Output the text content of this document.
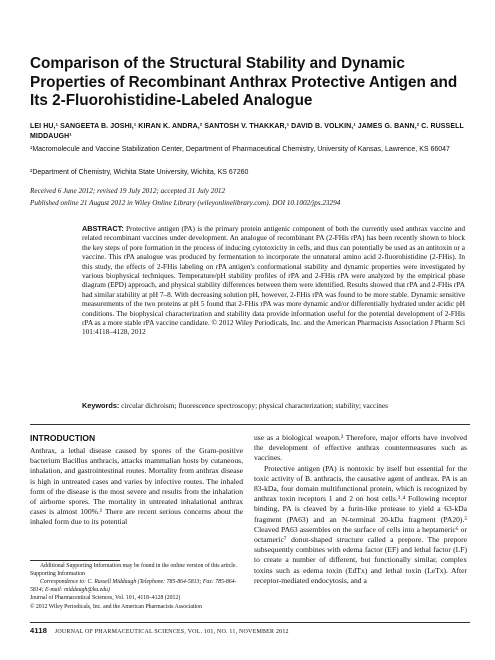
Comparison of the Structural Stability and Dynamic Properties of Recombinant Anthrax Protective Antigen and Its 2-Fluorohistidine-Labeled Analogue
LEI HU,¹ SANGEETA B. JOSHI,¹ KIRAN K. ANDRA,² SANTOSH V. THAKKAR,¹ DAVID B. VOLKIN,¹ JAMES G. BANN,² C. RUSSELL MIDDAUGH¹
¹Macromolecule and Vaccine Stabilization Center, Department of Pharmaceutical Chemistry, University of Kansas, Lawrence, KS 66047
²Department of Chemistry, Wichita State University, Wichita, KS 67260
Received 6 June 2012; revised 19 July 2012; accepted 31 July 2012
Published online 21 August 2012 in Wiley Online Library (wileyonlinelibrary.com). DOI 10.1002/jps.23294
ABSTRACT: Protective antigen (PA) is the primary protein antigenic component of both the currently used anthrax vaccine and related recombinant vaccines under development. An analogue of recombinant PA (2-FHis rPA) has been recently shown to block the key steps of pore formation in the process of inducing cytotoxicity in cells, and thus can potentially be used as an antitoxin or a vaccine. This rPA analogue was produced by fermentation to incorporate the unnatural amino acid 2-fluorohistidine (2-FHis). In this study, the effects of 2-FHis labeling on rPA antigen's conformational stability and dynamic properties were investigated by various biophysical techniques. Temperature/pH stability profiles of rPA and 2-FHis rPA were analyzed by the empirical phase diagram (EPD) approach, and physical stability differences between them were identified. Results showed that rPA and 2-FHis rPA had similar stability at pH 7–8. With decreasing solution pH, however, 2-FHis rPA was found to be more stable. Dynamic sensitive measurements of the two proteins at pH 5 found that 2-FHis rPA was more dynamic and/or differentially hydrated under acidic pH conditions. The biophysical characterization and stability data provide information useful for the potential development of 2-FHis rPA as a more stable rPA vaccine candidate. © 2012 Wiley Periodicals, Inc. and the American Pharmacists Association J Pharm Sci 101:4118–4128, 2012
Keywords: circular dichroism; fluorescence spectroscopy; physical characterization; stability; vaccines
INTRODUCTION

Anthrax, a lethal disease caused by spores of the Gram-positive bacterium Bacillus anthracis, attacks mammalian hosts by cutaneous, inhalation, and gastrointestinal routes. Mortality from anthrax disease is high in untreated cases and varies by infective routes. The inhaled form of the disease is the most severe and results from the inhalation of airborne spores. The mortality in untreated inhalational anthrax cases is almost 100%.¹ There are recent serious concerns about the inhaled form due to its potential

use as a biological weapon.² Therefore, major efforts have involved the development of effective anthrax countermeasures such as vaccines.

Protective antigen (PA) is nontoxic by itself but essential for the toxic activity of B. anthracis, the causative agent of anthrax. PA is an 83-kDa, four domain multifunctional protein, which is recognized by anthrax toxin receptors 1 and 2 on host cells.³˒⁴ Following receptor binding, PA is cleaved by a furin-like protease to yield a 63-kDa fragment (PA63) and an N-terminal 20-kDa fragment (PA20).⁵ Cleaved PA63 assembles on the surface of cells into a heptameric⁶ or octameric⁷ donut-shaped structure called a prepore. The prepore subsequently combines with edema factor (EF) and lethal factor (LF) to create a number of different, but functionally similar, complex toxins such as edema toxin (EdTx) and lethal toxin (LeTx). After receptor-mediated endocytosis, and a

Additional Supporting Information may be found in the online version of this article. Supporting Information

Correspondence to: C. Russell Middaugh (Telephone: 785-864-5813; Fax: 785-864-5814; E-mail: middaugh@ku.edu)

Journal of Pharmaceutical Sciences, Vol. 101, 4118–4128 (2012)

© 2012 Wiley Periodicals, Inc. and the American Pharmacists Association

4118 JOURNAL OF PHARMACEUTICAL SCIENCES, VOL. 101, NO. 11, NOVEMBER 2012
